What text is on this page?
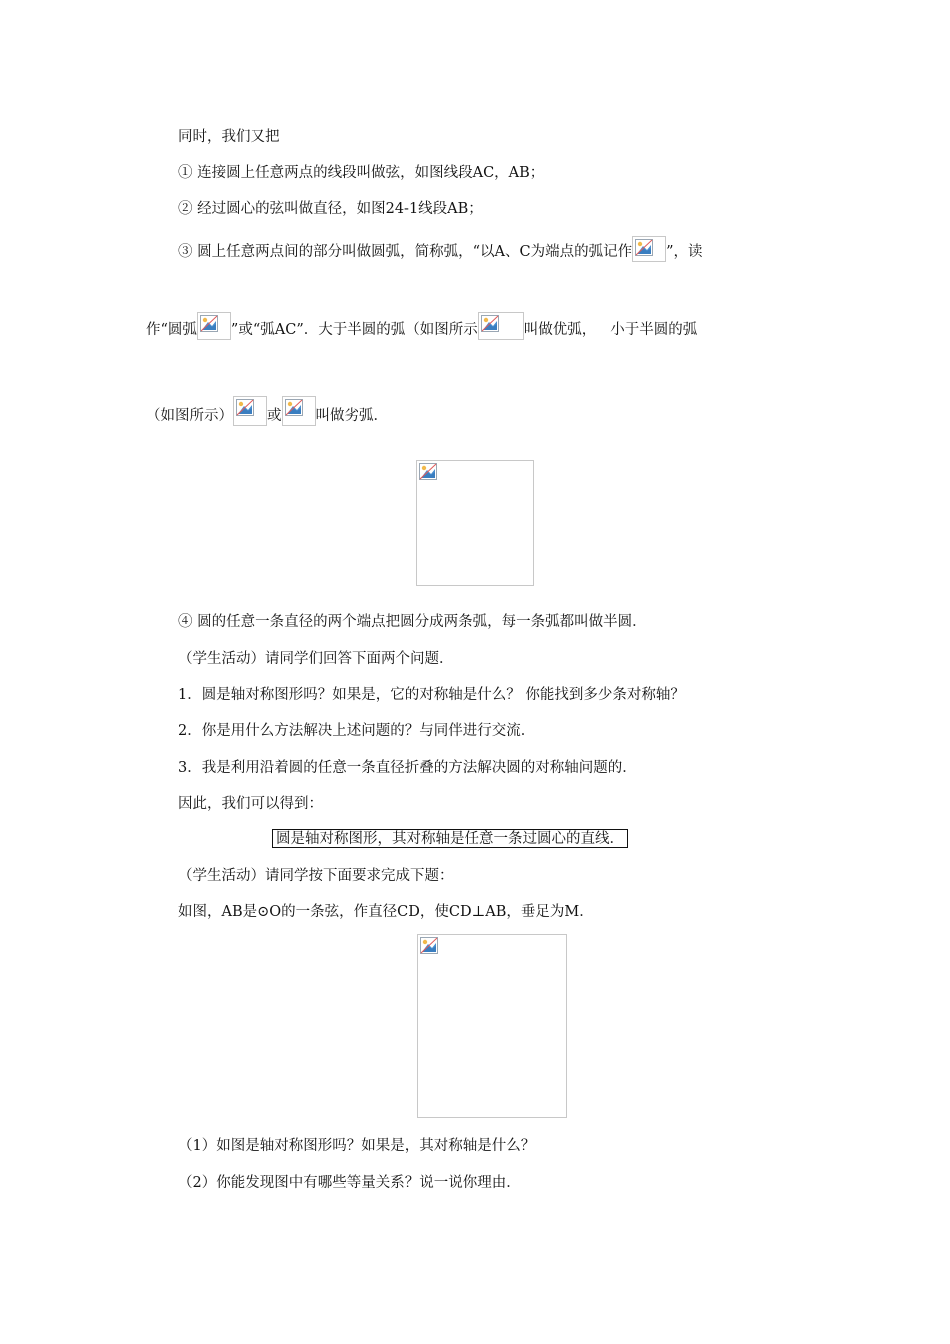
同时，我们又把
① 连接圆上任意两点的线段叫做弦，如图线段AC，AB；
② 经过圆心的弦叫做直径，如图24-1线段AB；
③ 圆上任意两点间的部分叫做圆弧，简称弧，“以A、C为端点的弧记作 ”，读
作“圆弧 ”或“弧AC”．大于半圆的弧（如图所示	叫做优弧， 小于半圆的弧
（如图所示） 或 叫做劣弧．
④ 圆的任意一条直径的两个端点把圆分成两条弧，每一条弧都叫做半圆．
（学生活动）请同学们回答下面两个问题．
1．圆是轴对称图形吗？如果是，它的对称轴是什么？ 你能找到多少条对称轴？
2．你是用什么方法解决上述问题的？与同伴进行交流．
3．我是利用沿着圆的任意一条直径折叠的方法解决圆的对称轴问题的．
因此，我们可以得到：
圆是轴对称图形，其对称轴是任意一条过圆心的直线．
（学生活动）请同学按下面要求完成下题：
如图，AB是⊙O的一条弦，作直径CD，使CD⊥AB，垂足为M．
（1）如图是轴对称图形吗？如果是，其对称轴是什么？
（2）你能发现图中有哪些等量关系？说一说你理由．
